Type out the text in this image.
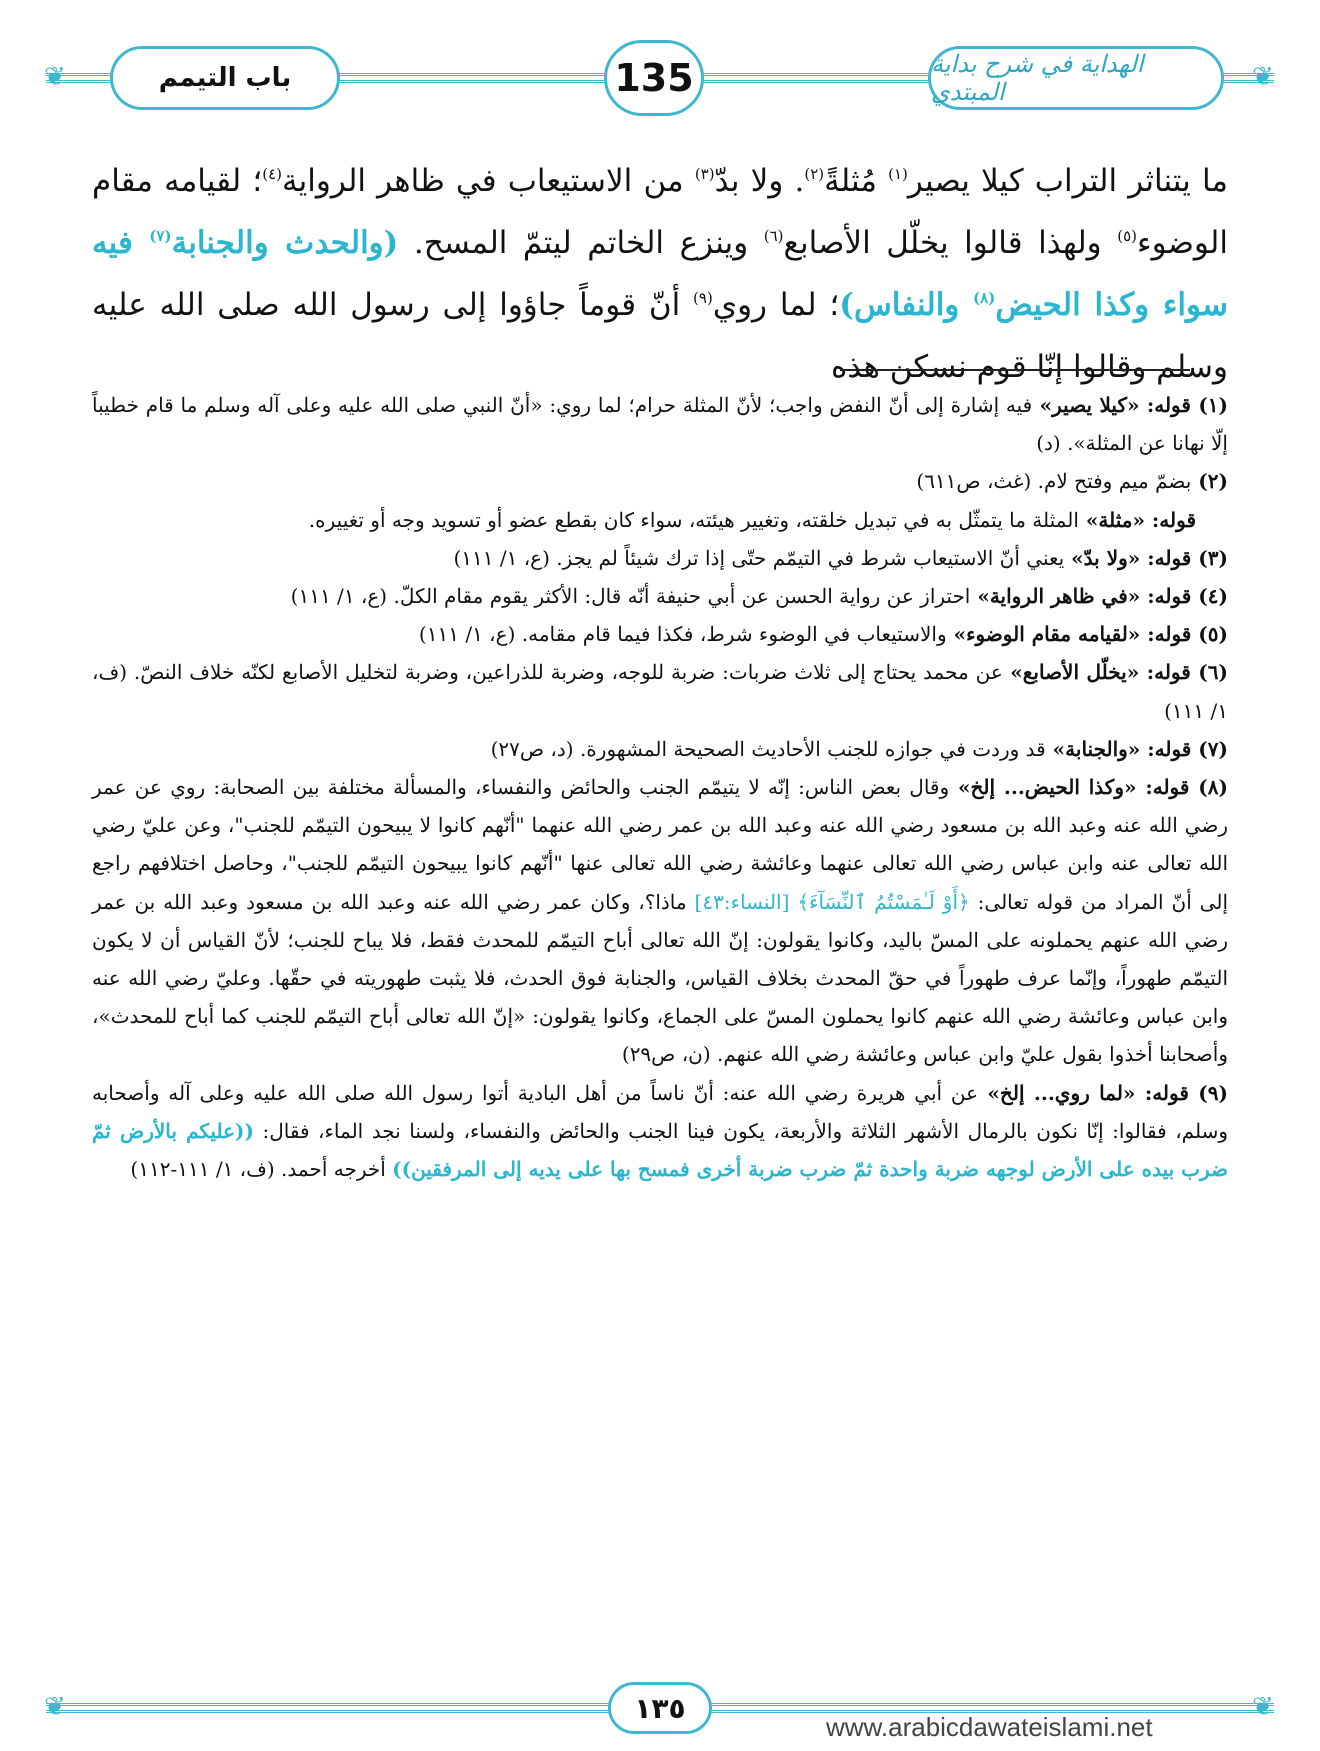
❦	❦
باب التيمم	135	الهداية في شرح بداية المبتدي
ما يتناثر التراب كيلا يصير$^{(١)}$ مُثلةً$^{(٢)}$. ولا بدّ$^{(٣)}$ من الاستيعاب في ظاهر الرواية$^{(٤)}$؛ لقيامه مقام الوضوء$^{(٥)}$ ولهذا قالوا يخلّل الأصابع$^{(٦)}$ وينزع الخاتم ليتمّ المسح. (والحدث والجنابة$^{(٧)}$ فيه سواء وكذا الحيض$^{(٨)}$ والنفاس)؛ لما روي$^{(٩)}$ أنّ قوماً جاؤوا إلى رسول الله صلى الله عليه وسلم وقالوا إنّا قوم نسكن هذه

(١) قوله: «كيلا يصير» فيه إشارة إلى أنّ النفض واجب؛ لأنّ المثلة حرام؛ لما روي: «أنّ النبي صلى الله عليه وعلى آله وسلم ما قام خطيباً إلّا نهانا عن المثلة». (د)

(٢) بضمّ ميم وفتح لام. (غث، ص٦١١)

قوله: «مثلة» المثلة ما يتمثّل به في تبديل خلقته، وتغيير هيئته، سواء كان بقطع عضو أو تسويد وجه أو تغييره.

(٣) قوله: «ولا بدّ» يعني أنّ الاستيعاب شرط في التيمّم حتّى إذا ترك شيئاً لم يجز. (ع، ١/ ١١١)

(٤) قوله: «في ظاهر الرواية» احتراز عن رواية الحسن عن أبي حنيفة أنّه قال: الأكثر يقوم مقام الكلّ. (ع، ١/ ١١١)

(٥) قوله: «لقيامه مقام الوضوء» والاستيعاب في الوضوء شرط، فكذا فيما قام مقامه. (ع، ١/ ١١١)

(٦) قوله: «يخلّل الأصابع» عن محمد يحتاج إلى ثلاث ضربات: ضربة للوجه، وضربة للذراعين، وضربة لتخليل الأصابع لكنّه خلاف النصّ. (ف، ١/ ١١١)

(٧) قوله: «والجنابة» قد وردت في جوازه للجنب الأحاديث الصحيحة المشهورة. (د، ص٢٧)

(٨) قوله: «وكذا الحيض... إلخ» وقال بعض الناس: إنّه لا يتيمّم الجنب والحائض والنفساء، والمسألة مختلفة بين الصحابة: روي عن عمر رضي الله عنه وعبد الله بن مسعود رضي الله عنه وعبد الله بن عمر رضي الله عنهما "أنّهم كانوا لا يبيحون التيمّم للجنب"، وعن عليّ رضي الله تعالى عنه وابن عباس رضي الله تعالى عنهما وعائشة رضي الله تعالى عنها "أنّهم كانوا يبيحون التيمّم للجنب"، وحاصل اختلافهم راجع إلى أنّ المراد من قوله تعالى: ﴿أَوْ لَـٰمَسْتُمُ ٱلنِّسَآءَ﴾ [النساء:٤٣] ماذا؟، وكان عمر رضي الله عنه وعبد الله بن مسعود وعبد الله بن عمر رضي الله عنهم يحملونه على المسّ باليد، وكانوا يقولون: إنّ الله تعالى أباح التيمّم للمحدث فقط، فلا يباح للجنب؛ لأنّ القياس أن لا يكون التيمّم طهوراً، وإنّما عرف طهوراً في حقّ المحدث بخلاف القياس، والجنابة فوق الحدث، فلا يثبت طهوريته في حقّها. وعليّ رضي الله عنه وابن عباس وعائشة رضي الله عنهم كانوا يحملون المسّ على الجماع، وكانوا يقولون: «إنّ الله تعالى أباح التيمّم للجنب كما أباح للمحدث»، وأصحابنا أخذوا بقول عليّ وابن عباس وعائشة رضي الله عنهم. (ن، ص٢٩)

(٩) قوله: «لما روي... إلخ» عن أبي هريرة رضي الله عنه: أنّ ناساً من أهل البادية أتوا رسول الله صلى الله عليه وعلى آله وأصحابه وسلم، فقالوا: إنّا نكون بالرمال الأشهر الثلاثة والأربعة، يكون فينا الجنب والحائض والنفساء، ولسنا نجد الماء، فقال: ((عليكم بالأرض ثمّ ضرب بيده على الأرض لوجهه ضربة واحدة ثمّ ضرب ضربة أخرى فمسح بها على يديه إلى المرفقين)) أخرجه أحمد. (ف، ١/ ١١١-١١٢)

❦	❦
١٣٥
www.arabicdawateislami.net
